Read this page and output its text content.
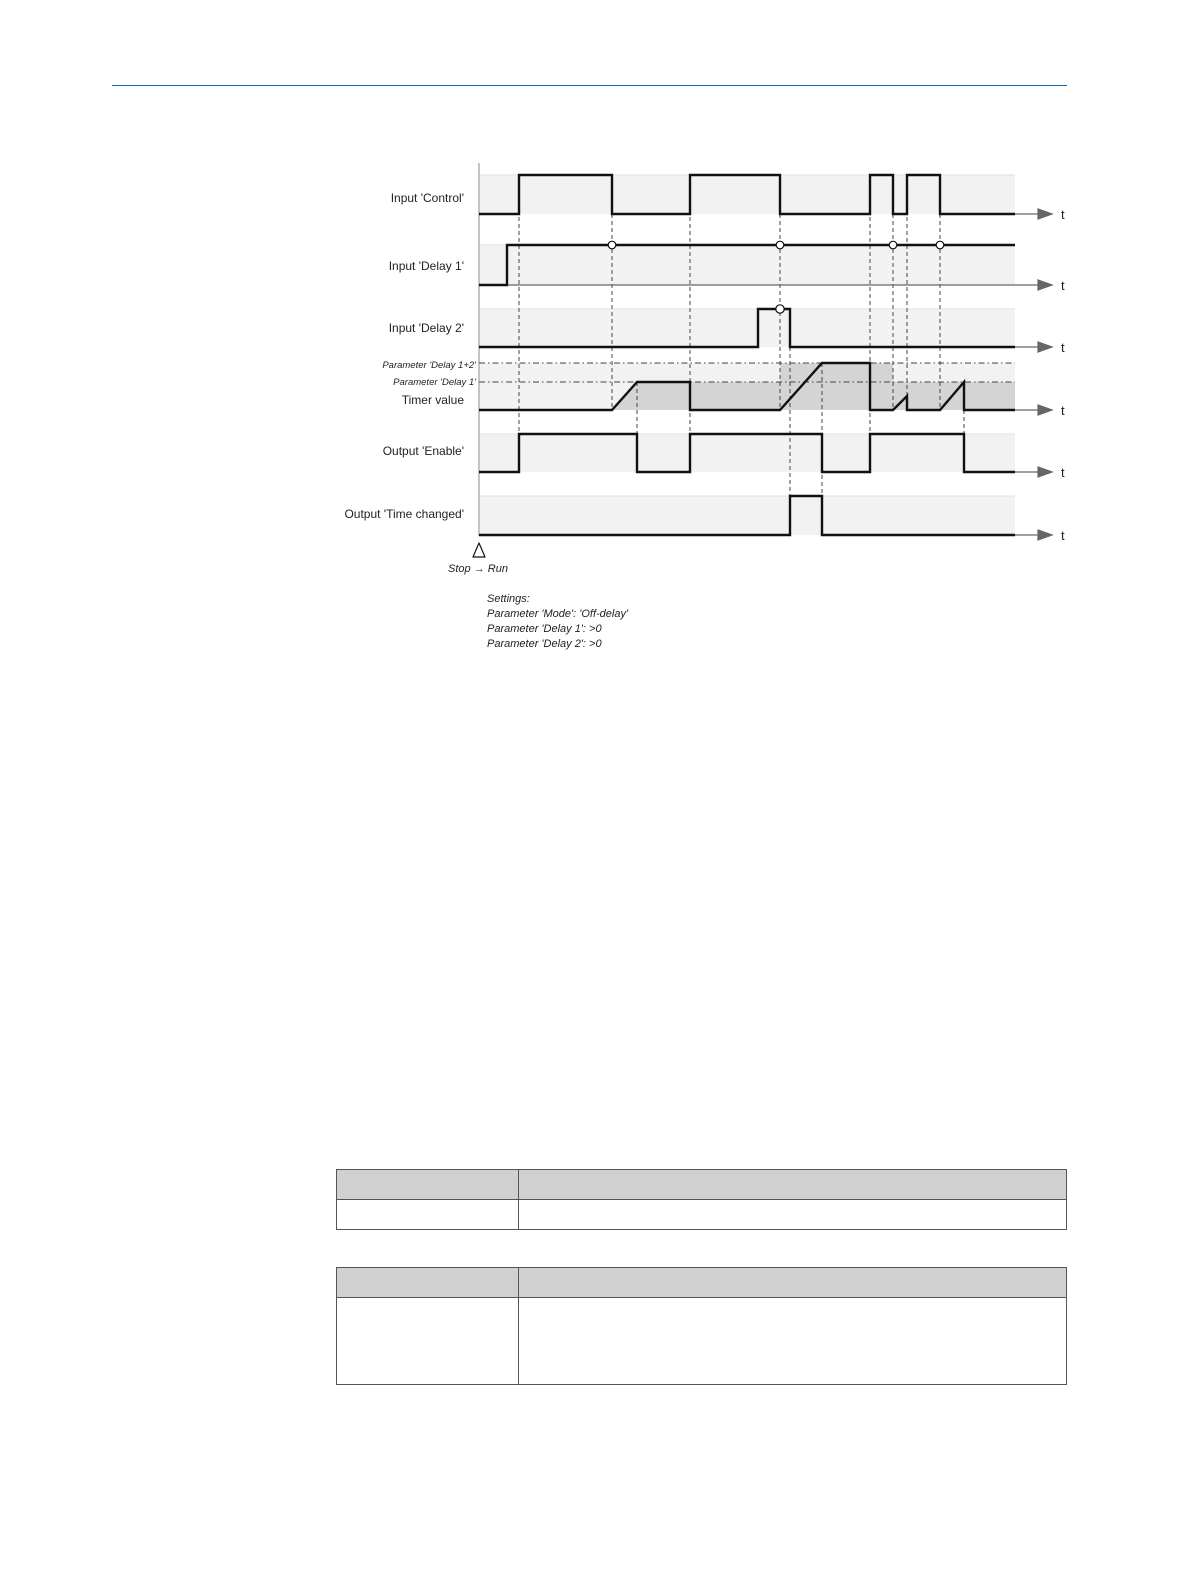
Input 'Control'
Input 'Delay 1'
Input 'Delay 2'
Parameter 'Delay 1+2'
Parameter 'Delay 1'
Timer value
Output 'Enable'
Output 'Time changed'
t
t
t
t
t
t
Stop → Run
Settings:
Parameter 'Mode': 'Off-delay'
Parameter 'Delay 1': >0
Parameter 'Delay 2': >0
